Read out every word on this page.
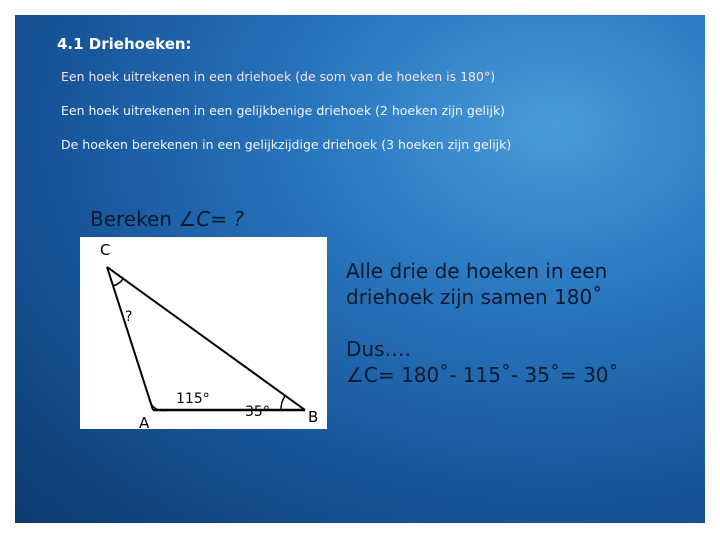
4.1 Driehoeken:
Een hoek uitrekenen in een driehoek (de som van de hoeken is 180°)
Een hoek uitrekenen in een gelijkbenige driehoek (2 hoeken zijn gelijk)
De hoeken berekenen in een gelijkzijdige driehoek (3 hoeken zijn gelijk)
Bereken ∠C= ?
C
A	B
?
115°
35°
Alle drie de hoeken in een driehoek zijn samen 180˚
Dus….
∠C= 180˚- 115˚- 35˚= 30˚
